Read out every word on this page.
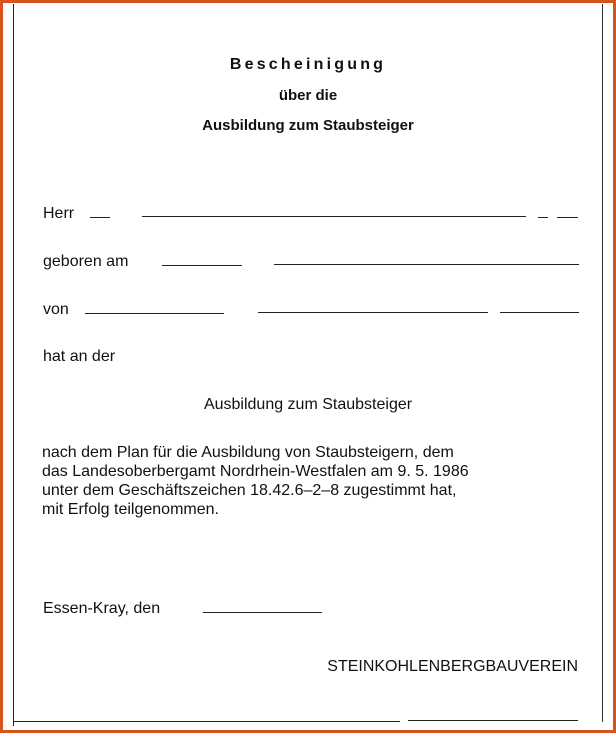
Bescheinigung
über die
Ausbildung zum Staubsteiger
Herr
geboren am
von
hat an der
Ausbildung zum Staubsteiger
nach dem Plan für die Ausbildung von Staubsteigern, dem
das Landesoberbergamt Nordrhein-Westfalen am 9. 5. 1986
unter dem Geschäftszeichen 18.42.6–2–8 zugestimmt hat,
mit Erfolg teilgenommen.
Essen-Kray, den
STEINKOHLENBERGBAUVEREIN
